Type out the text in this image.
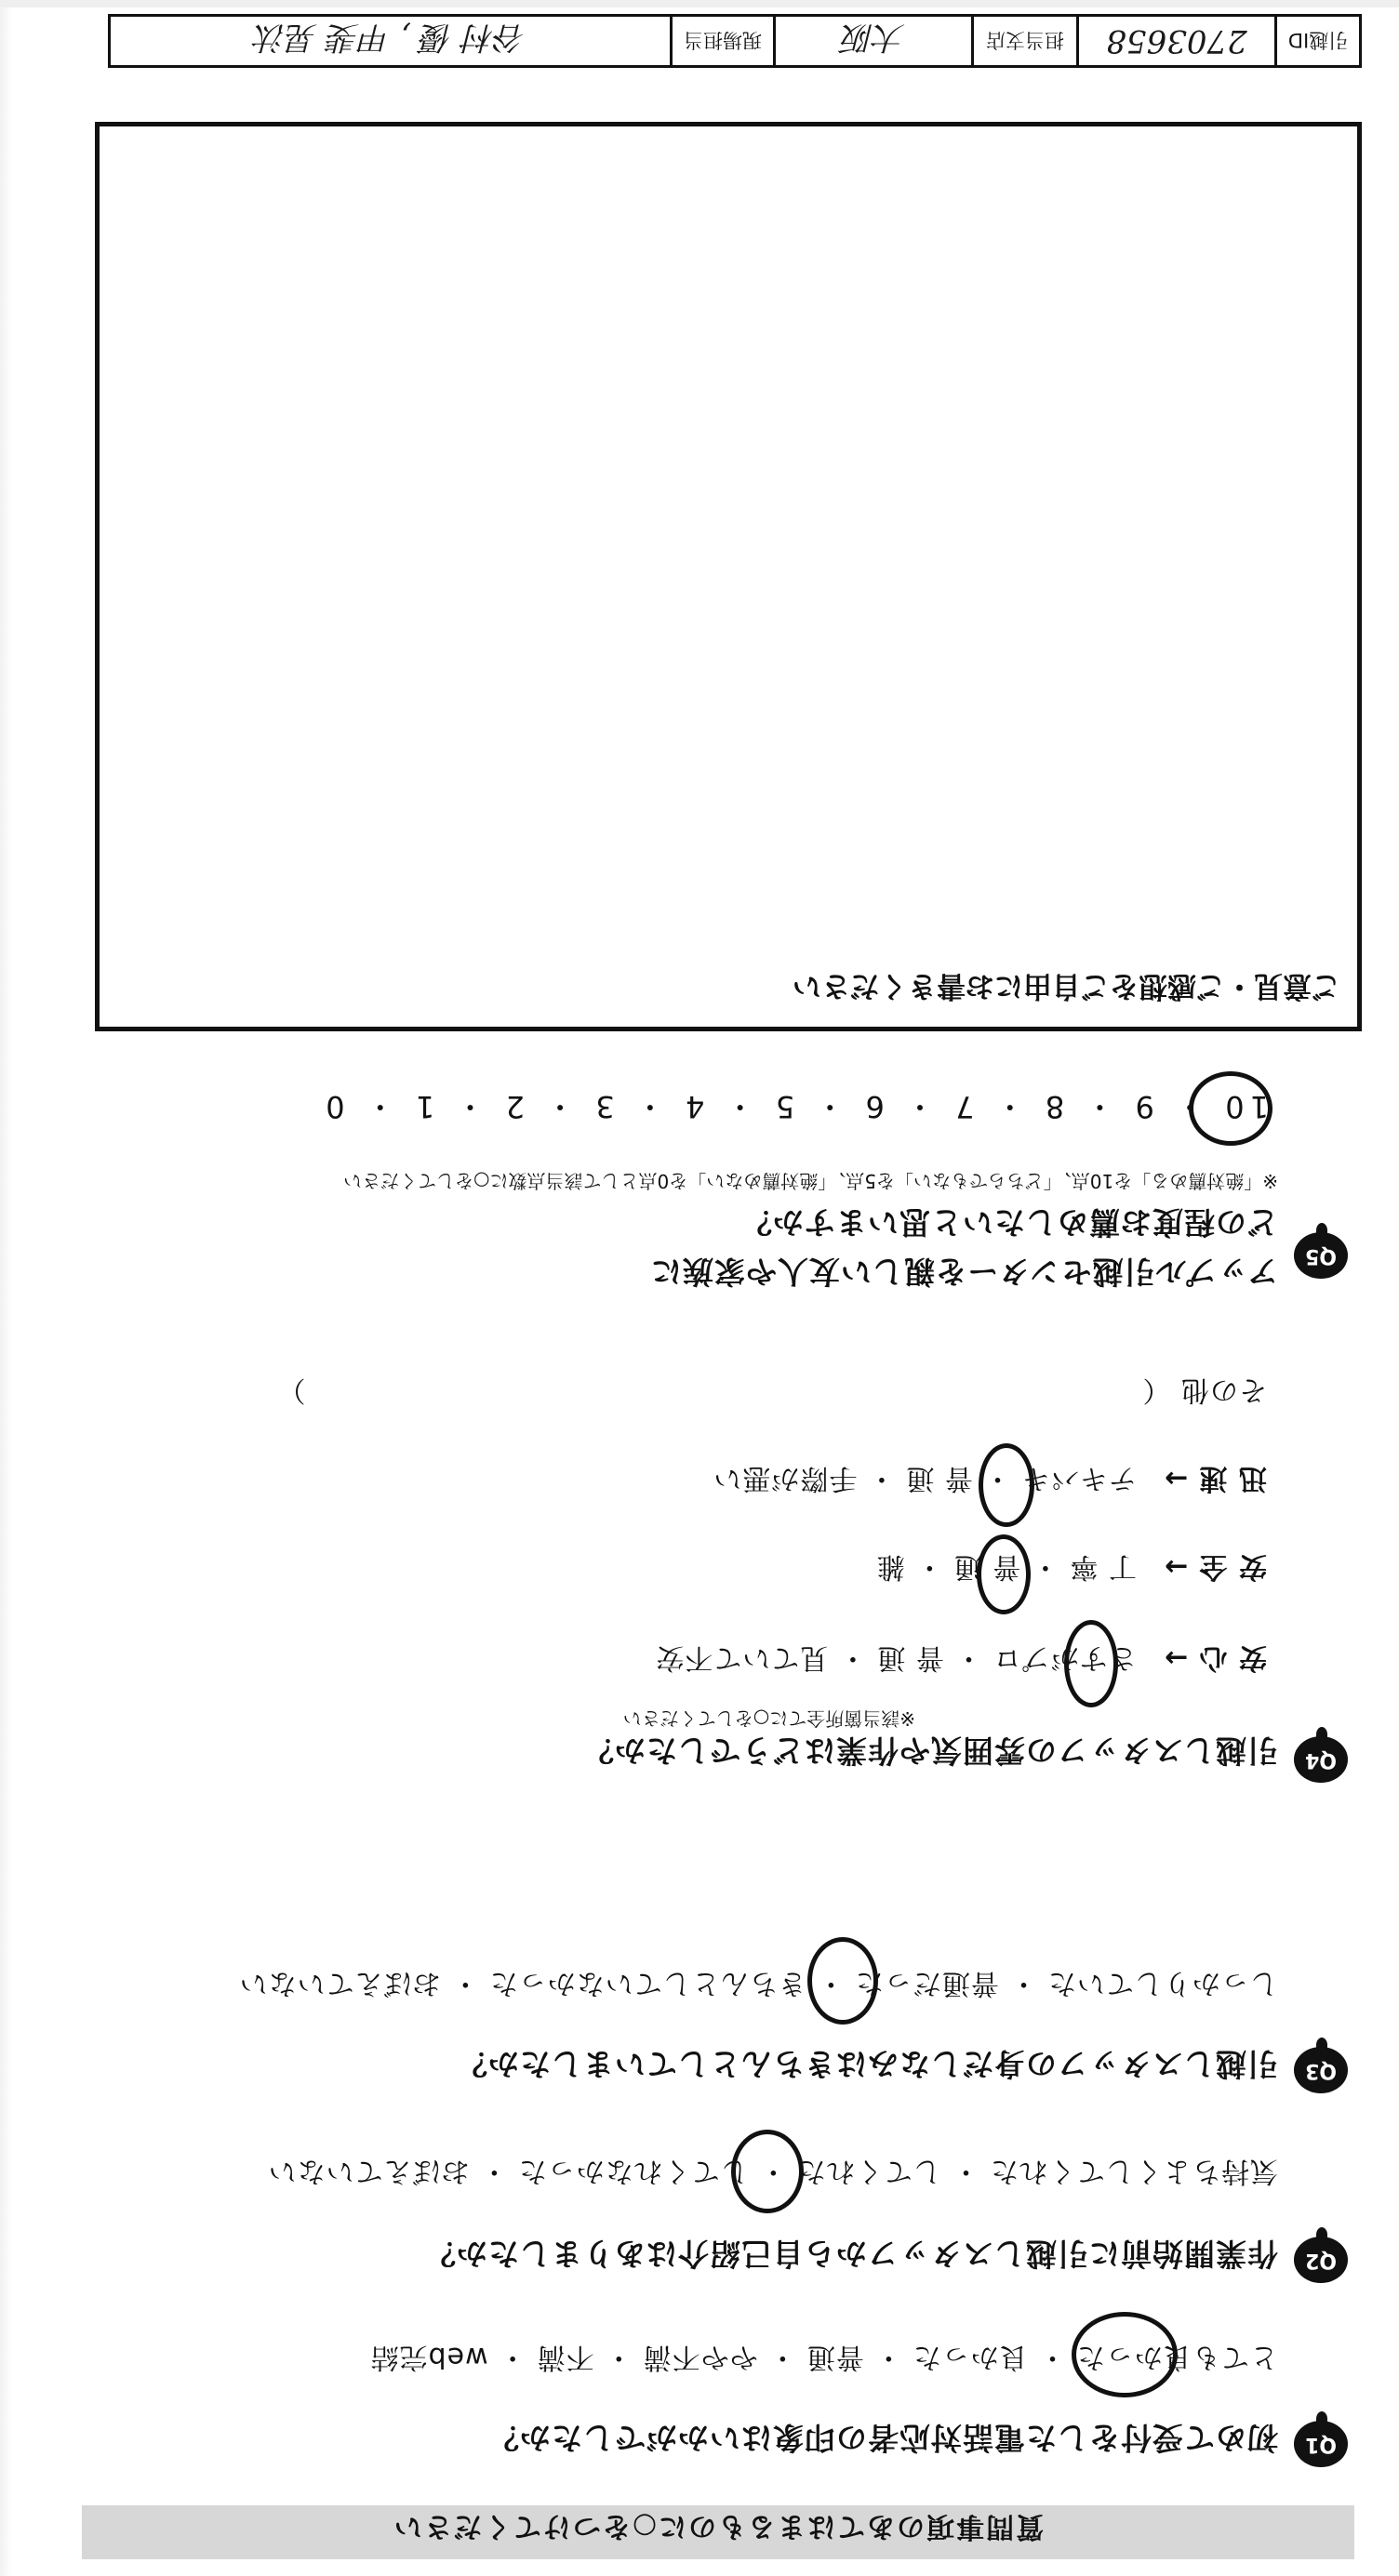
質問事項のあてはまるものに○をつけてください
Q1
初めて受付をした電話対応者の印象はいかがでしたか？
とても良かった ・ 良かった ・ 普通 ・ やや不満 ・ 不満 ・ web完結
Q2
作業開始前に引越しスタッフから自己紹介はありましたか？
気持ちよくしてくれた ・ してくれた ・ してくれなかった ・ おぼえていない
Q3
引越しスタッフの身だしなみはきちんとしていましたか？
しっかりしていた ・ 普通だった ・ きちんとしていなかった ・ おぼえていない
Q4
引越しスタッフの雰囲気や作業はどうでしたか？
※該当箇所全てに○をしてください
安 心 →
さすがプロ ・ 普 通 ・ 見ていて不安
安 全 →
丁 寧 ・ 普 通 ・ 雑
迅 速 →
テキパキ ・ 普 通 ・ 手際が悪い
その他 （　　　　　　　　　　　　　　　　　　　　　　　　　　　　　）
Q5
アップル引越センターを親しい友人や家族に
どの程度お薦めしたいと思いますか？
※「絶対薦める」を10点、「どちらでもない」を5点、「絶対薦めない」を0点として該当点数に○をしてください
10 ・ 9 ・ 8 ・ 7 ・ 6 ・ 5 ・ 4 ・ 3 ・ 2 ・ 1 ・ 0
ご意見・ご感想をご自由にお書きください
引越ID
2703658
担当支店
大阪
現場担当
谷村 優 , 甲斐 晃汰
